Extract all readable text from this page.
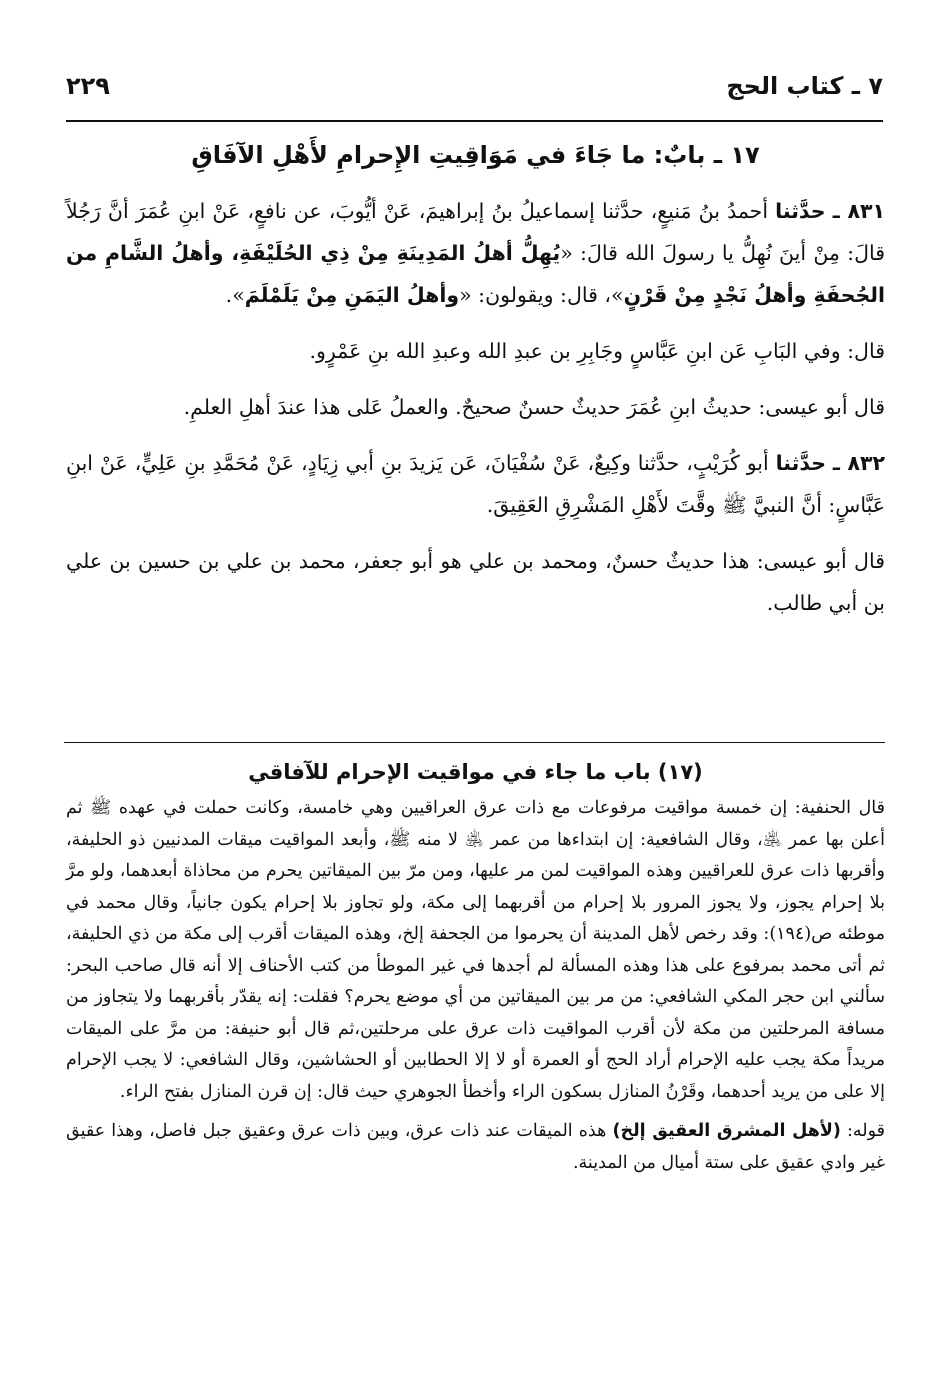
٧ ـ كتاب الحج
٢٢٩
١٧ ـ بابٌ: ما جَاءَ في مَوَاقِيتِ الإِحرامِ لأَهْلِ الآفَاقِ

٨٣١ ـ حدَّثنا أحمدُ بنُ مَنيعٍ، حدَّثنا إسماعيلُ بنُ إبراهيمَ، عَنْ أيُّوبَ، عن نافعٍ، عَنْ ابنِ عُمَرَ أنَّ رَجُلاً قالَ: مِنْ أينَ نُهِلُّ يا رسولَ الله قالَ: «يُهِلُّ أهلُ المَدِينَةِ مِنْ ذِي الحُلَيْفَةِ، وأهلُ الشَّامِ من الجُحفَةِ وأهلُ نَجْدٍ مِنْ قَرْنٍ»، قال: ويقولون: «وأهلُ اليَمَنِ مِنْ يَلَمْلَمَ».

قال: وفي البَابِ عَن ابنِ عَبَّاسٍ وجَابِرِ بن عبدِ الله وعبدِ الله بنِ عَمْرٍو.

قال أبو عيسى: حديثُ ابنِ عُمَرَ حديثٌ حسنٌ صحيحٌ. والعملُ عَلى هذا عندَ أهلِ العلمِ.

٨٣٢ ـ حدَّثنا أبو كُرَيْبٍ، حدَّثنا وكِيعٌ، عَنْ سُفْيَانَ، عَن يَزيدَ بنِ أبي زِيَادٍ، عَنْ مُحَمَّدِ بنِ عَلِيٍّ، عَنْ ابنِ عَبَّاسٍ: أنَّ النبيَّ ﷺ وقَّتَ لأَهْلِ المَشْرِقِ العَقِيقَ.

قال أبو عيسى: هذا حديثٌ حسنٌ، ومحمد بن علي هو أبو جعفر، محمد بن علي بن حسين بن علي بن أبي طالب.

(١٧) باب ما جاء في مواقيت الإحرام للآفاقي

قال الحنفية: إن خمسة مواقيت مرفوعات مع ذات عرق العراقيين وهي خامسة، وكانت حملت في عهده ﷺ ثم أعلن بها عمر ﵁، وقال الشافعية: إن ابتداءها من عمر ﵁ لا منه ﷺ، وأبعد المواقيت ميقات المدنيين ذو الحليفة، وأقربها ذات عرق للعراقيين وهذه المواقيت لمن مر عليها، ومن مرّ بين الميقاتين يحرم من محاذاة أبعدهما، ولو مرَّ بلا إحرام يجوز، ولا يجوز المرور بلا إحرام من أقربهما إلى مكة، ولو تجاوز بلا إحرام يكون جانياً، وقال محمد في موطئه ص(١٩٤): وقد رخص لأهل المدينة أن يحرموا من الجحفة إلخ، وهذه الميقات أقرب إلى مكة من ذي الحليفة، ثم أتى محمد بمرفوع على هذا وهذه المسألة لم أجدها في غير الموطأ من كتب الأحناف إلا أنه قال صاحب البحر: سألني ابن حجر المكي الشافعي: من مر بين الميقاتين من أي موضع يحرم؟ فقلت: إنه يقدّر بأقربهما ولا يتجاوز من مسافة المرحلتين من مكة لأن أقرب المواقيت ذات عرق على مرحلتين،ثم قال أبو حنيفة: من مرَّ على الميقات مريداً مكة يجب عليه الإحرام أراد الحج أو العمرة أو لا إلا الحطابين أو الحشاشين، وقال الشافعي: لا يجب الإحرام إلا على من يريد أحدهما، وقَرْنُ المنازل بسكون الراء وأخطأ الجوهري حيث قال: إن قرن المنازل بفتح الراء.

قوله: (لأهل المشرق العقيق إلخ) هذه الميقات عند ذات عرق، وبين ذات عرق وعقيق جبل فاصل، وهذا عقيق غير وادي عقيق على ستة أميال من المدينة.
